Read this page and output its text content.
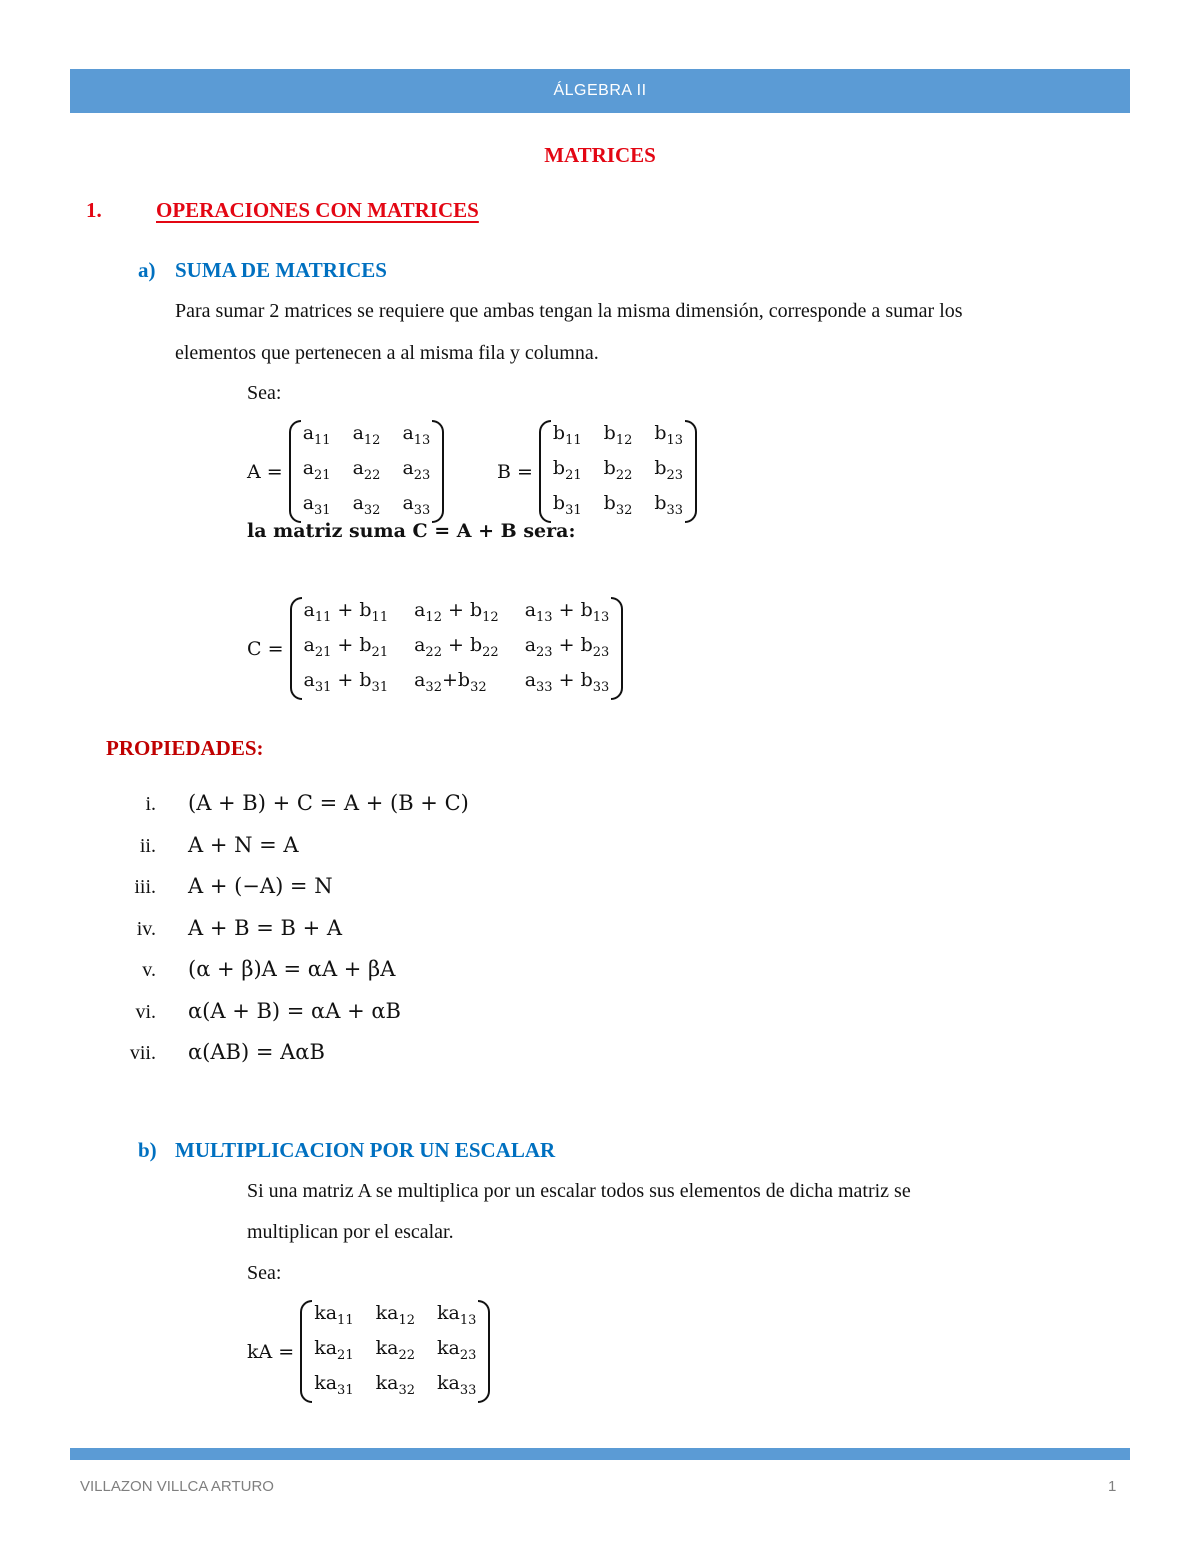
ÁLGEBRA II
MATRICES
1.	OPERACIONES CON MATRICES
a) SUMA DE MATRICES
Para sumar 2 matrices se requiere que ambas tengan la misma dimensión, corresponde a sumar los
elementos que pertenecen a al misma fila y columna.
Sea:
A =
$a_{11}$ $a_{12}$ $a_{13}$
$a_{21}$ $a_{22}$ $a_{23}$
$a_{31}$ $a_{32}$ $a_{33}$
B =
$b_{11}$ $b_{12}$ $b_{13}$
$b_{21}$ $b_{22}$ $b_{23}$
$b_{31}$ $b_{32}$ $b_{33}$
la matriz suma C = A + B sera:
C =
$a_{11} + b_{11}$ $a_{12} + b_{12}$ $a_{13} + b_{13}$
$a_{21} + b_{21}$ $a_{22} + b_{22}$ $a_{23} + b_{23}$
$a_{31} + b_{31}$ $a_{32}+b_{32}$	$a_{33} + b_{33}$
PROPIEDADES:
i. (A + B) + C = A + (B + C)
ii. A + N = A
iii. A + (−A) = N
iv. A + B = B + A
v. (α + β)A = αA + βA
vi. α(A + B) = αA + αB
vii. α(AB) = AαB
b) MULTIPLICACION POR UN ESCALAR
Si una matriz A se multiplica por un escalar todos sus elementos de dicha matriz se
multiplican por el escalar.
Sea:
kA =
$ka_{11}$ $ka_{12}$ $ka_{13}$
$ka_{21}$ $ka_{22}$ $ka_{23}$
$ka_{31}$ $ka_{32}$ $ka_{33}$
VILLAZON VILLCA ARTURO	1
